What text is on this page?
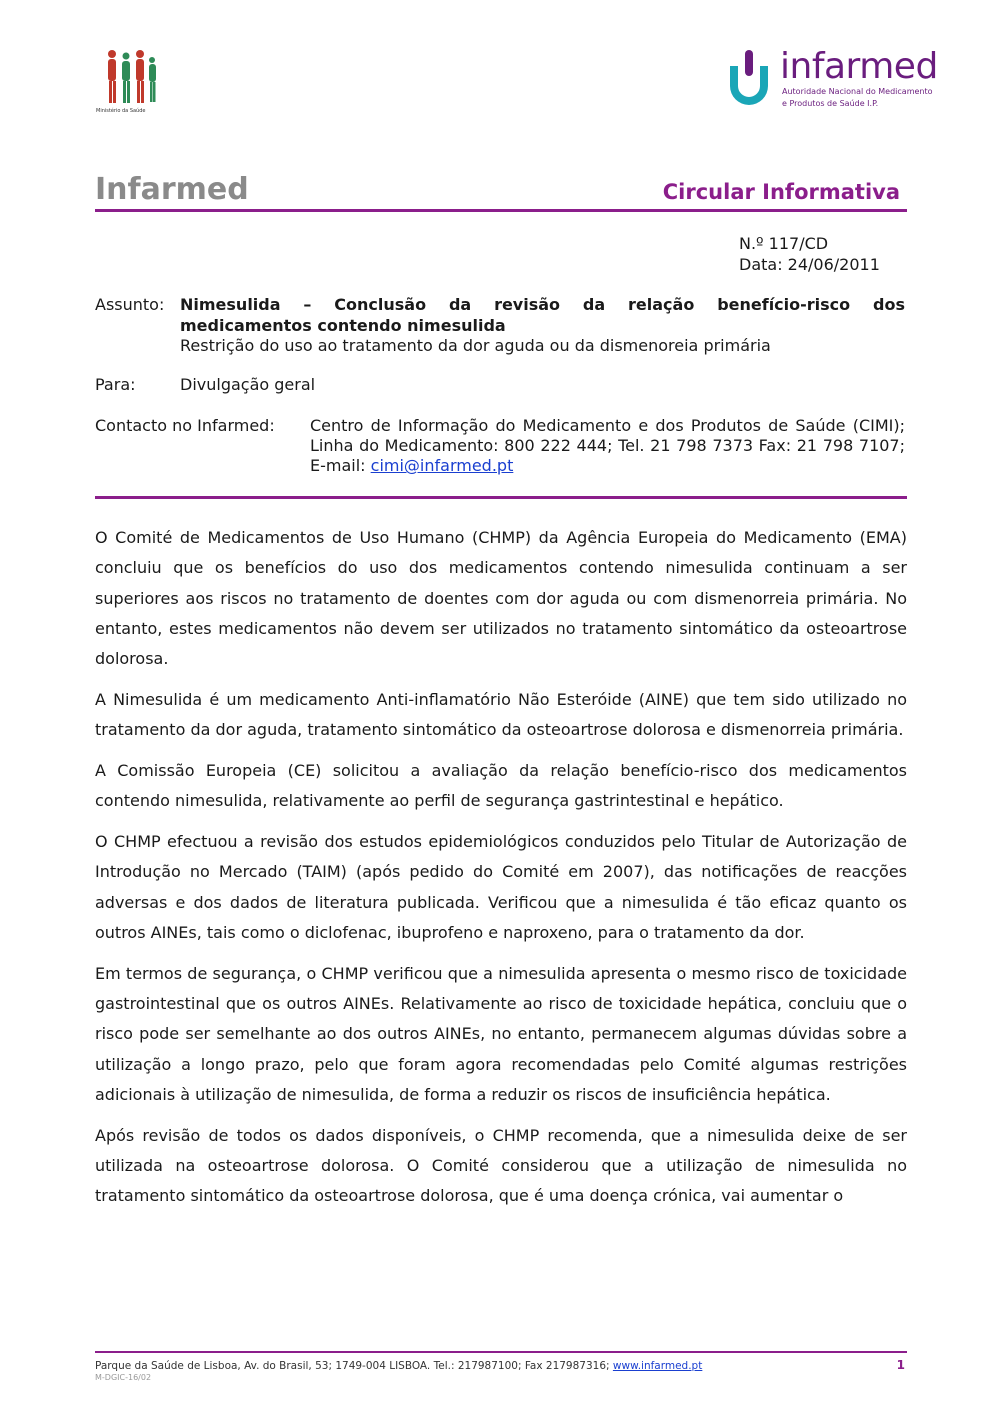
Ministério da Saúde
infarmed
Autoridade Nacional do Medicamento
e Produtos de Saúde I.P.
Infarmed	Circular Informativa
N.º 117/CD
Data: 24/06/2011
Assunto: Nimesulida – Conclusão da revisão da relação benefício-risco dos
medicamentos contendo nimesulida
Restrição do uso ao tratamento da dor aguda ou da dismenoreia primária
Para:	Divulgação geral
Contacto no Infarmed: Centro de Informação do Medicamento e dos Produtos de Saúde (CIMI); Linha do Medicamento: 800 222 444; Tel. 21 798 7373 Fax: 21 798 7107; E-mail: cimi@infarmed.pt

O Comité de Medicamentos de Uso Humano (CHMP) da Agência Europeia do Medicamento (EMA) concluiu que os benefícios do uso dos medicamentos contendo nimesulida continuam a ser superiores aos riscos no tratamento de doentes com dor aguda ou com dismenorreia primária. No entanto, estes medicamentos não devem ser utilizados no tratamento sintomático da osteoartrose dolorosa.

A Nimesulida é um medicamento Anti-inflamatório Não Esteróide (AINE) que tem sido utilizado no tratamento da dor aguda, tratamento sintomático da osteoartrose dolorosa e dismenorreia primária.

A Comissão Europeia (CE) solicitou a avaliação da relação benefício-risco dos medicamentos contendo nimesulida, relativamente ao perfil de segurança gastrintestinal e hepático.

O CHMP efectuou a revisão dos estudos epidemiológicos conduzidos pelo Titular de Autorização de Introdução no Mercado (TAIM) (após pedido do Comité em 2007), das notificações de reacções adversas e dos dados de literatura publicada. Verificou que a nimesulida é tão eficaz quanto os outros AINEs, tais como o diclofenac, ibuprofeno e naproxeno, para o tratamento da dor.

Em termos de segurança, o CHMP verificou que a nimesulida apresenta o mesmo risco de toxicidade gastrointestinal que os outros AINEs. Relativamente ao risco de toxicidade hepática, concluiu que o risco pode ser semelhante ao dos outros AINEs, no entanto, permanecem algumas dúvidas sobre a utilização a longo prazo, pelo que foram agora recomendadas pelo Comité algumas restrições adicionais à utilização de nimesulida, de forma a reduzir os riscos de insuficiência hepática.

Após revisão de todos os dados disponíveis, o CHMP recomenda, que a nimesulida deixe de ser utilizada na osteoartrose dolorosa. O Comité considerou que a utilização de nimesulida no tratamento sintomático da osteoartrose dolorosa, que é uma doença crónica, vai aumentar o

Parque da Saúde de Lisboa, Av. do Brasil, 53; 1749-004 LISBOA. Tel.: 217987100; Fax 217987316; www.infarmed.pt
M-DGIC-16/02
1
